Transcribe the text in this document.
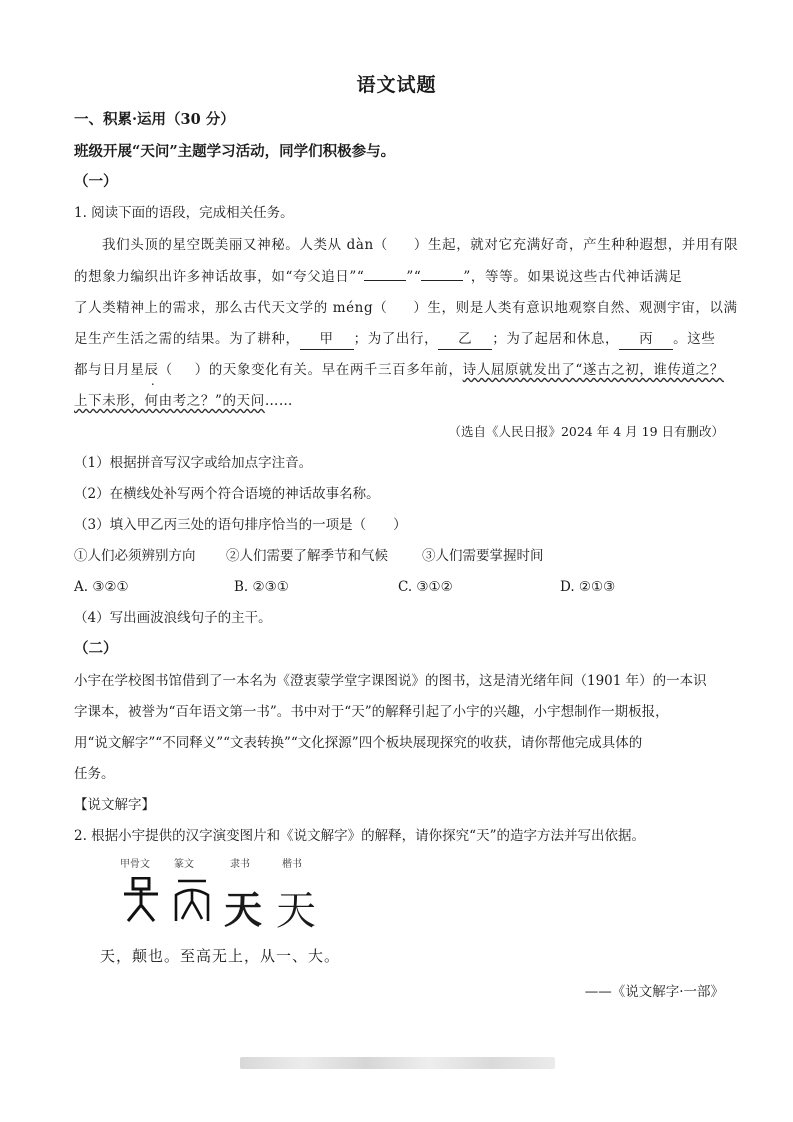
语文试题
一、积累·运用（30 分）
班级开展“天问”主题学习活动，同学们积极参与。
（一）
1. 阅读下面的语段，完成相关任务。
我们头顶的星空既美丽又神秘。人类从 dàn（ ）生起，就对它充满好奇，产生种种遐想，并用有限
的想象力编织出许多神话故事，如“夸父追日”“	”“	”，等等。如果说这些古代神话满足
了人类精神上的需求，那么古代天文学的 méng（ ）生，则是人类有意识地观察自然、观测宇宙，以满
足生产生活之需的结果。为了耕种， 甲 ；为了出行， 乙 ；为了起居和休息， 丙 。这些
都与日月星辰（ ）的天象变化有关。早在两千三百多年前，诗人屈原就发出了“遂古之初，谁传道之？
上下未形，何由考之？”的天问……
（选自《人民日报》2024 年 4 月 19 日有删改）
（1）根据拼音写汉字或给加点字注音。
（2）在横线处补写两个符合语境的神话故事名称。
（3）填入甲乙丙三处的语句排序恰当的一项是（　　）
①人们必须辨别方向 ②人们需要了解季节和气候	③人们需要掌握时间
A. ③②①	B. ②③①	C. ③①②	D. ②①③
（4）写出画波浪线句子的主干。
（二）
小宇在学校图书馆借到了一本名为《澄衷蒙学堂字课图说》的图书，这是清光绪年间（1901 年）的一本识
字课本，被誉为“百年语文第一书”。书中对于“天”的解释引起了小宇的兴趣，小宇想制作一期板报，
用“说文解字”“不同释义”“文表转换”“文化探源”四个板块展现探究的收获，请你帮他完成具体的
任务。
【说文解字】
2. 根据小宇提供的汉字演变图片和《说文解字》的解释，请你探究“天”的造字方法并写出依据。
甲骨文 篆文	隶书	楷书
天 天
天，颠也。至高无上，从一、大。
——《说文解字·一部》
